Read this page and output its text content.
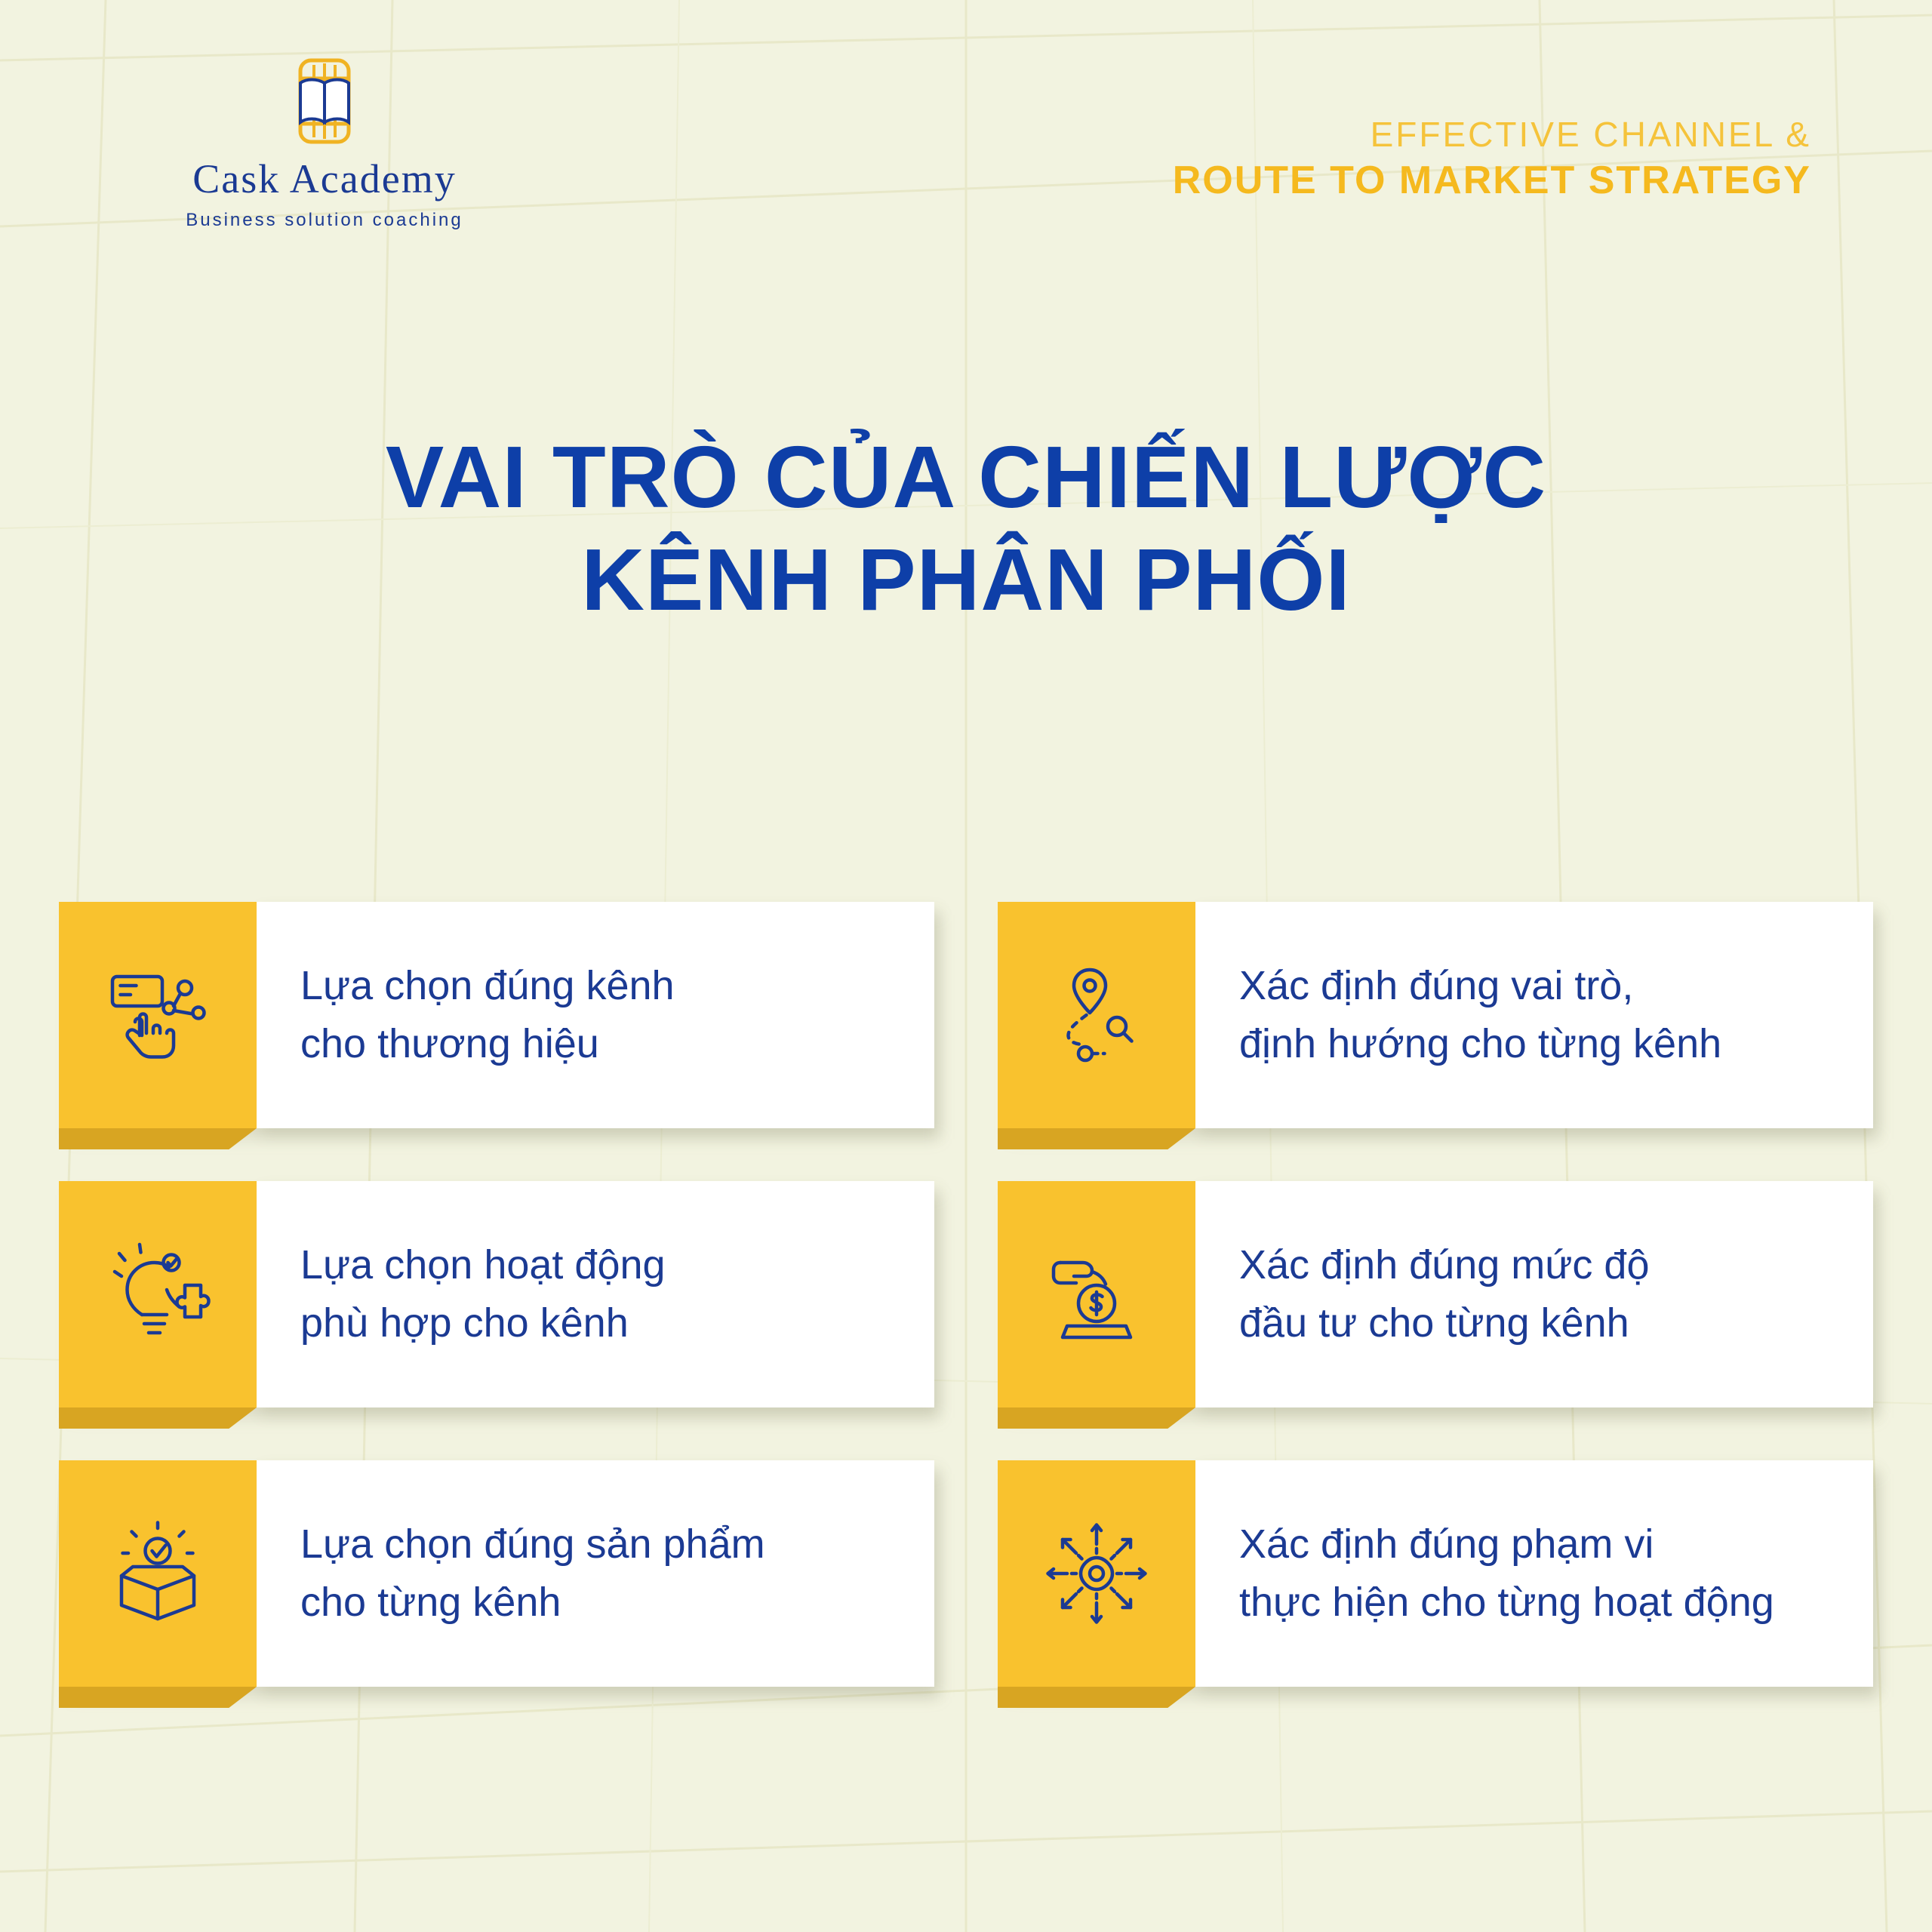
Cask Academy
Business solution coaching
EFFECTIVE CHANNEL &
ROUTE TO MARKET STRATEGY
VAI TRÒ CỦA CHIẾN LƯỢC
KÊNH PHÂN PHỐI
Lựa chọn đúng kênh
cho thương hiệu
Xác định đúng vai trò,
định hướng cho từng kênh
Lựa chọn hoạt động
phù hợp cho kênh
Xác định đúng mức độ
đầu tư cho từng kênh
Lựa chọn đúng sản phẩm
cho từng kênh
Xác định đúng phạm vi
thực hiện cho từng hoạt động
